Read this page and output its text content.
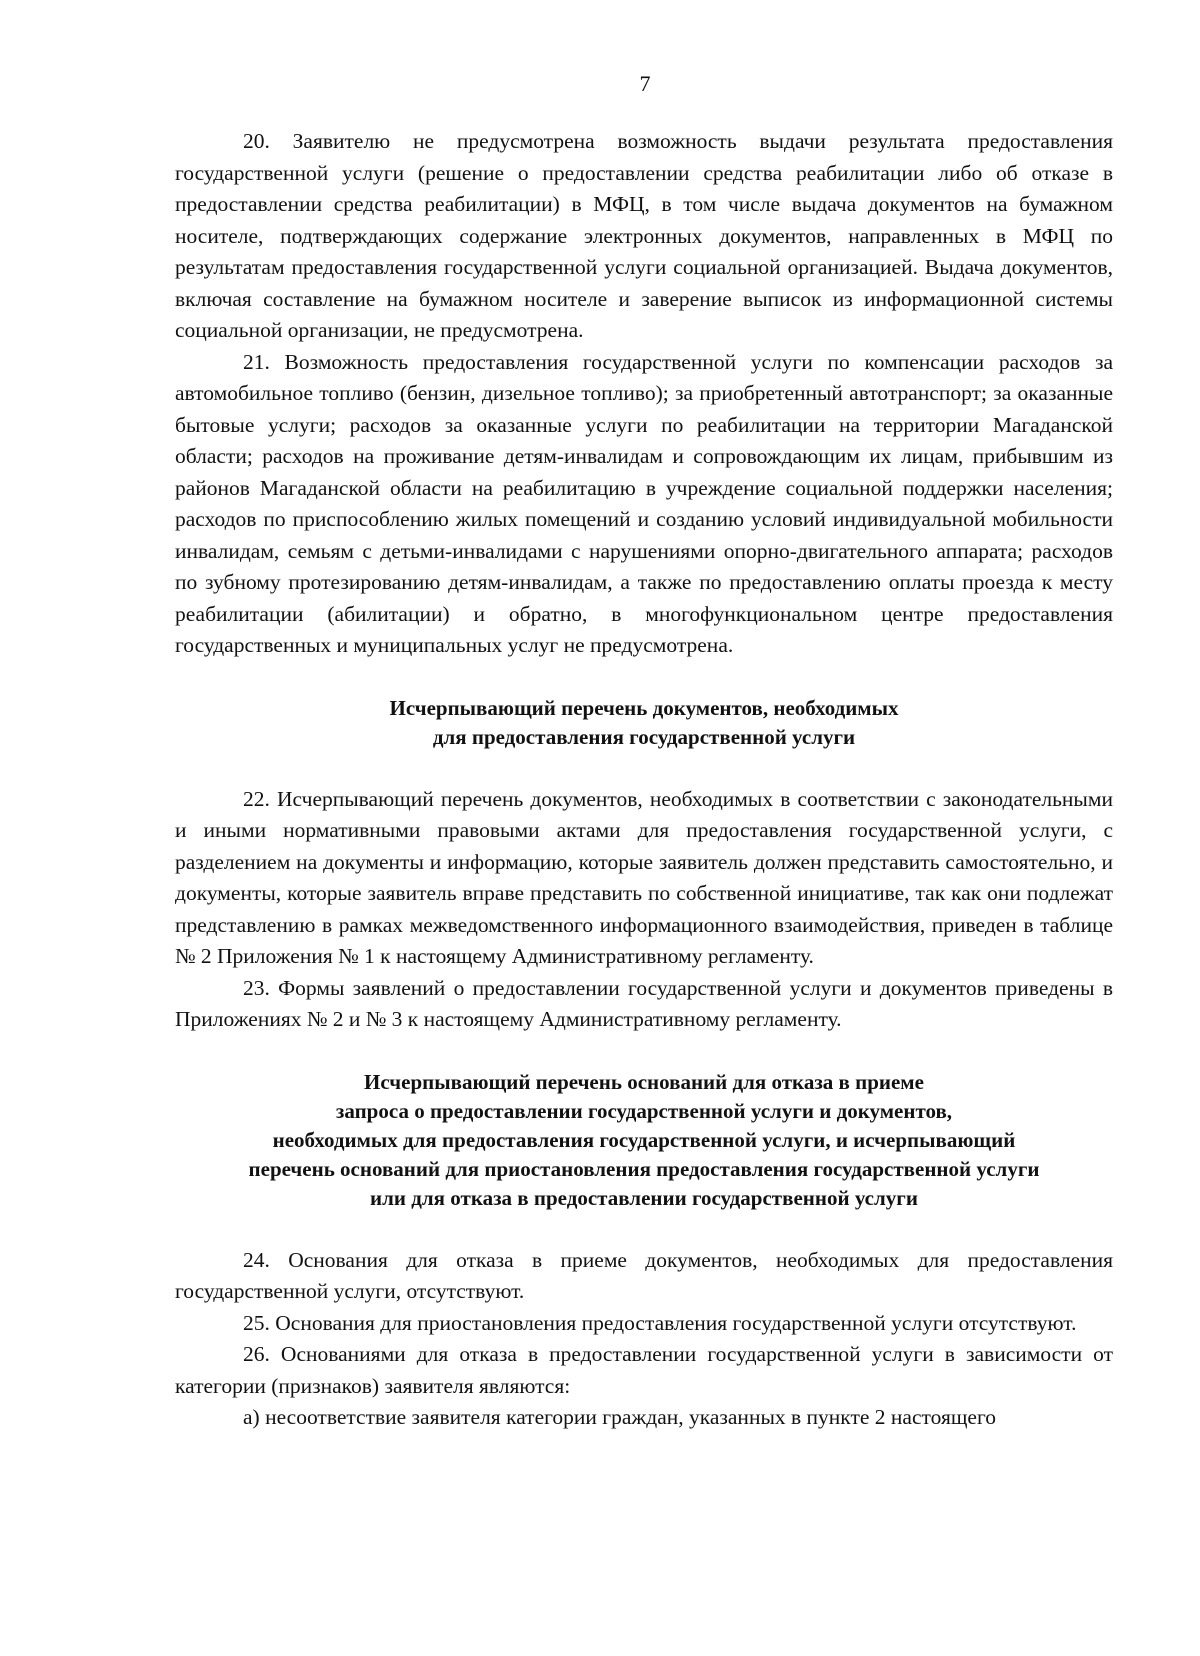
7

20. Заявителю не предусмотрена возможность выдачи результата предоставления государственной услуги (решение о предоставлении средства реабилитации либо об отказе в предоставлении средства реабилитации) в МФЦ, в том числе выдача документов на бумажном носителе, подтверждающих содержание электронных документов, направленных в МФЦ по результатам предоставления государственной услуги социальной организацией. Выдача документов, включая составление на бумажном носителе и заверение выписок из информационной системы социальной организации, не предусмотрена.

21. Возможность предоставления государственной услуги по компенсации расходов за автомобильное топливо (бензин, дизельное топливо); за приобретенный автотранспорт; за оказанные бытовые услуги; расходов за оказанные услуги по реабилитации на территории Магаданской области; расходов на проживание детям-инвалидам и сопровождающим их лицам, прибывшим из районов Магаданской области на реабилитацию в учреждение социальной поддержки населения; расходов по приспособлению жилых помещений и созданию условий индивидуальной мобильности инвалидам, семьям с детьми-инвалидами с нарушениями опорно-двигательного аппарата; расходов по зубному протезированию детям-инвалидам, а также по предоставлению оплаты проезда к месту реабилитации (абилитации) и обратно, в многофункциональном центре предоставления государственных и муниципальных услуг не предусмотрена.

Исчерпывающий перечень документов, необходимых
для предоставления государственной услуги

22. Исчерпывающий перечень документов, необходимых в соответствии с законодательными и иными нормативными правовыми актами для предоставления государственной услуги, с разделением на документы и информацию, которые заявитель должен представить самостоятельно, и документы, которые заявитель вправе представить по собственной инициативе, так как они подлежат представлению в рамках межведомственного информационного взаимодействия, приведен в таблице № 2 Приложения № 1 к настоящему Административному регламенту.

23. Формы заявлений о предоставлении государственной услуги и документов приведены в Приложениях № 2 и № 3 к настоящему Административному регламенту.

Исчерпывающий перечень оснований для отказа в приеме
запроса о предоставлении государственной услуги и документов,
необходимых для предоставления государственной услуги, и исчерпывающий
перечень оснований для приостановления предоставления государственной услуги
или для отказа в предоставлении государственной услуги

24. Основания для отказа в приеме документов, необходимых для предоставления государственной услуги, отсутствуют.

25. Основания для приостановления предоставления государственной услуги отсутствуют.

26. Основаниями для отказа в предоставлении государственной услуги в зависимости от категории (признаков) заявителя являются:

а) несоответствие заявителя категории граждан, указанных в пункте 2 настоящего
